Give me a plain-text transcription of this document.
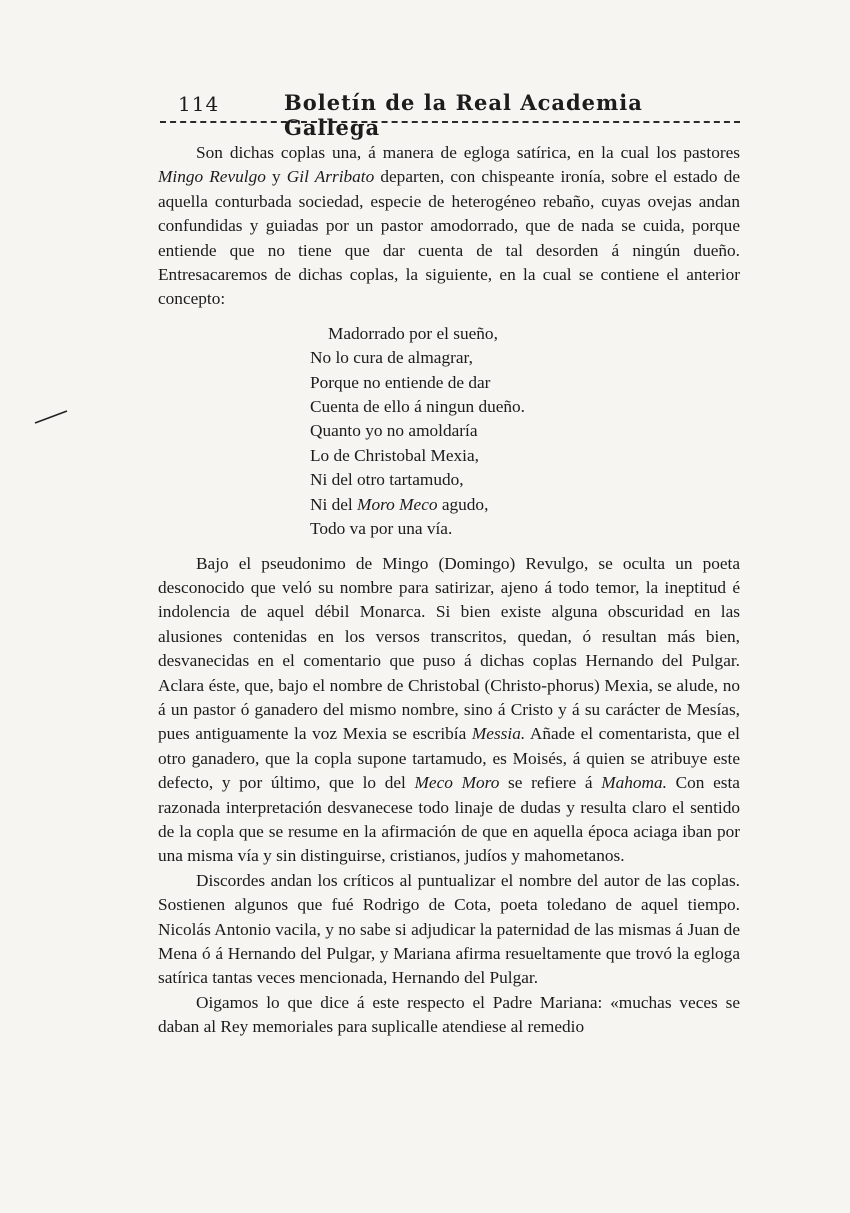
114	Boletín de la Real Academia Gallega

Son dichas coplas una, á manera de egloga satírica, en la cual los pastores Mingo Revulgo y Gil Arribato departen, con chispeante ironía, sobre el estado de aquella conturbada sociedad, especie de heterogéneo rebaño, cuyas ovejas andan confundidas y guiadas por un pastor amodorrado, que de nada se cuida, porque entiende que no tiene que dar cuenta de tal desorden á ningún dueño. Entresacaremos de dichas coplas, la siguiente, en la cual se contiene el anterior concepto:

Madorrado por el sueño,
No lo cura de almagrar,
Porque no entiende de dar
Cuenta de ello á ningun dueño.
Quanto yo no amoldaría
Lo de Christobal Mexia,
Ni del otro tartamudo,
Ni del Moro Meco agudo,
Todo va por una vía.

Bajo el pseudonimo de Mingo (Domingo) Revulgo, se oculta un poeta desconocido que veló su nombre para satirizar, ajeno á todo temor, la ineptitud é indolencia de aquel débil Monarca. Si bien existe alguna obscuridad en las alusiones contenidas en los versos transcritos, quedan, ó resultan más bien, desvanecidas en el comentario que puso á dichas coplas Hernando del Pulgar. Aclara éste, que, bajo el nombre de Christobal (Christo-phorus) Mexia, se alude, no á un pastor ó ganadero del mismo nombre, sino á Cristo y á su carácter de Mesías, pues antiguamente la voz Mexia se escribía Messia. Añade el comentarista, que el otro ganadero, que la copla supone tartamudo, es Moisés, á quien se atribuye este defecto, y por último, que lo del Meco Moro se refiere á Mahoma. Con esta razonada interpretación desvanecese todo linaje de dudas y resulta claro el sentido de la copla que se resume en la afirmación de que en aquella época aciaga iban por una misma vía y sin distinguirse, cristianos, judíos y mahometanos.

Discordes andan los críticos al puntualizar el nombre del autor de las coplas. Sostienen algunos que fué Rodrigo de Cota, poeta toledano de aquel tiempo. Nicolás Antonio vacila, y no sabe si adjudicar la paternidad de las mismas á Juan de Mena ó á Hernando del Pulgar, y Mariana afirma resueltamente que trovó la egloga satírica tantas veces mencionada, Hernando del Pulgar.

Oigamos lo que dice á este respecto el Padre Mariana: «muchas veces se daban al Rey memoriales para suplicalle atendiese al remedio
